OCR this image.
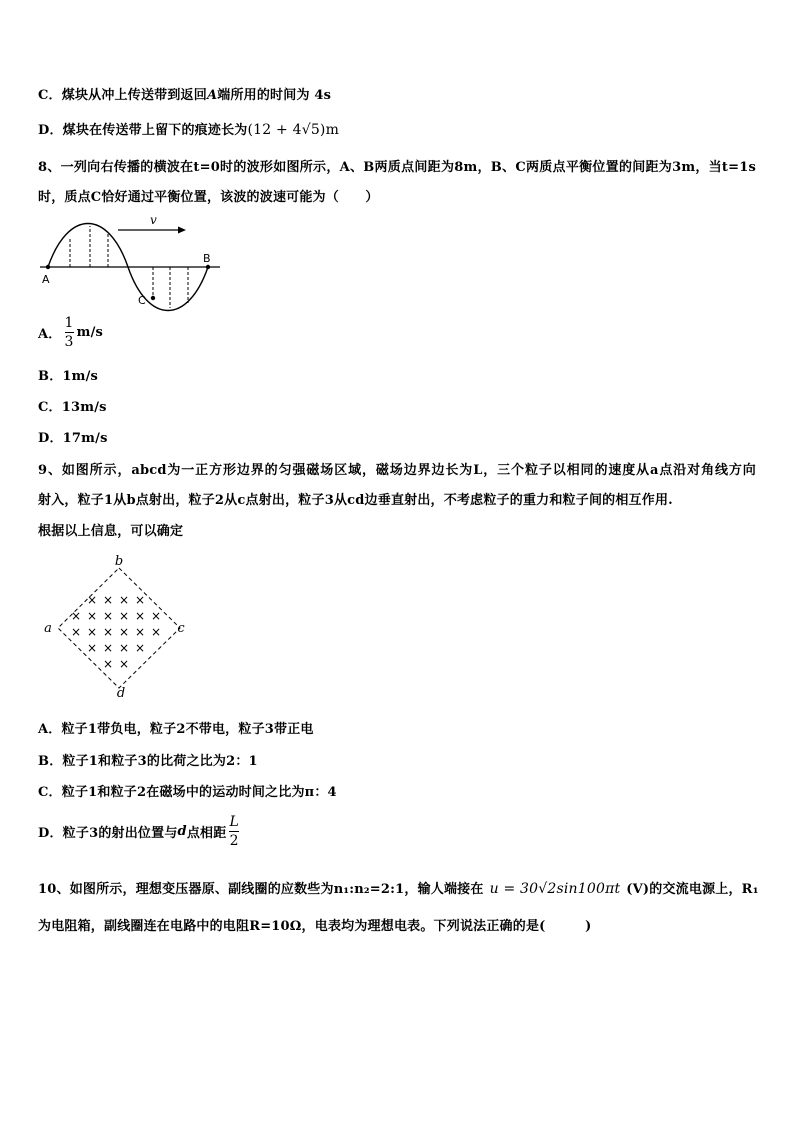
C．煤块从冲上传送带到返回A端所用的时间为 4s
D．煤块在传送带上留下的痕迹长为(12 + 4√5)m
8、一列向右传播的横波在t=0时的波形如图所示，A、B两质点间距为8m，B、C两质点平衡位置的间距为3m，当t=1s
时，质点C恰好通过平衡位置，该波的波速可能为（　　）
v
A
B
C
A． $\frac{1}{3} m/s$
B．1m/s
C．13m/s
D．17m/s
9、如图所示，abcd为一正方形边界的匀强磁场区域，磁场边界边长为L，三个粒子以相同的速度从a点沿对角线方向
射入，粒子1从b点射出，粒子2从c点射出，粒子3从cd边垂直射出，不考虑粒子的重力和粒子间的相互作用.
根据以上信息，可以确定
× × × ×
× × × × × ×
× × × × × ×
× × × ×
× ×
b
a	c
d
A．粒子1带负电，粒子2不带电，粒子3带正电
B．粒子1和粒子3的比荷之比为2：1
C．粒子1和粒子2在磁场中的运动时间之比为π：4
D．粒子3的射出位置与d点相距 $\frac{L}{2}$
10、如图所示，理想变压器原、副线圈的应数些为n₁:n₂=2:1，输人端接在 u = 30√2sin100πt (V)的交流电源上，R₁
为电阻箱，副线圈连在电路中的电阻R=10Ω，电表均为理想电表。下列说法正确的是(　　　)
